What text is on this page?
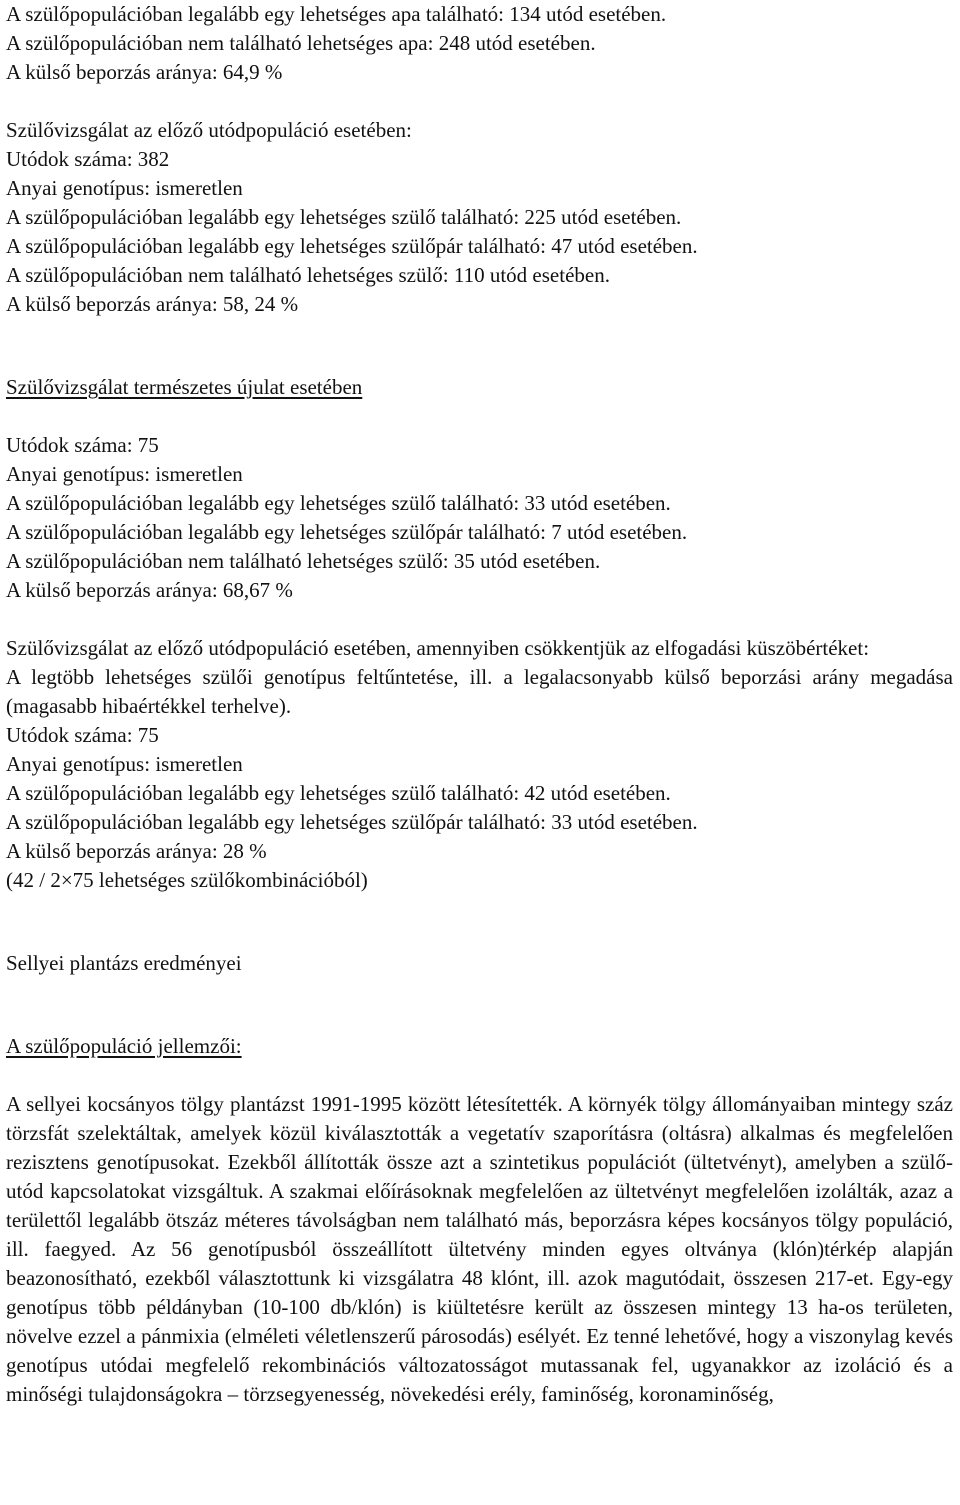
A szülőpopulációban legalább egy lehetséges apa található: 134 utód esetében.
A szülőpopulációban nem található lehetséges apa: 248 utód esetében.
A külső beporzás aránya: 64,9 %
Szülővizsgálat az előző utódpopuláció esetében:
Utódok száma: 382
Anyai genotípus: ismeretlen
A szülőpopulációban legalább egy lehetséges szülő található: 225 utód esetében.
A szülőpopulációban legalább egy lehetséges szülőpár található: 47 utód esetében.
A szülőpopulációban nem található lehetséges szülő: 110 utód esetében.
A külső beporzás aránya: 58, 24 %
Szülővizsgálat természetes újulat esetében
Utódok száma: 75
Anyai genotípus: ismeretlen
A szülőpopulációban legalább egy lehetséges szülő található: 33 utód esetében.
A szülőpopulációban legalább egy lehetséges szülőpár található: 7 utód esetében.
A szülőpopulációban nem található lehetséges szülő: 35 utód esetében.
A külső beporzás aránya: 68,67 %
Szülővizsgálat az előző utódpopuláció esetében, amennyiben csökkentjük az elfogadási küszöbértéket:
A legtöbb lehetséges szülői genotípus feltűntetése, ill. a legalacsonyabb külső beporzási arány megadása (magasabb hibaértékkel terhelve).
Utódok száma: 75
Anyai genotípus: ismeretlen
A szülőpopulációban legalább egy lehetséges szülő található: 42 utód esetében.
A szülőpopulációban legalább egy lehetséges szülőpár található: 33 utód esetében.
A külső beporzás aránya: 28 %
(42 / 2×75 lehetséges szülőkombinációból)
Sellyei plantázs eredményei
A szülőpopuláció jellemzői:
A sellyei kocsányos tölgy plantázst 1991-1995 között létesítették. A környék tölgy állományaiban mintegy száz törzsfát szelektáltak, amelyek közül kiválasztották a vegetatív szaporításra (oltásra) alkalmas és megfelelően rezisztens genotípusokat. Ezekből állították össze azt a szintetikus populációt (ültetvényt), amelyben a szülő-utód kapcsolatokat vizsgáltuk. A szakmai előírásoknak megfelelően az ültetvényt megfelelően izolálták, azaz a területtől legalább ötszáz méteres távolságban nem található más, beporzásra képes kocsányos tölgy populáció, ill. faegyed. Az 56 genotípusból összeállított ültetvény minden egyes oltványa (klón)térkép alapján beazonosítható, ezekből választottunk ki vizsgálatra 48 klónt, ill. azok magutódait, összesen 217-et. Egy-egy genotípus több példányban (10-100 db/klón) is kiültetésre került az összesen mintegy 13 ha-os területen, növelve ezzel a pánmixia (elméleti véletlenszerű párosodás) esélyét. Ez tenné lehetővé, hogy a viszonylag kevés genotípus utódai megfelelő rekombinációs változatosságot mutassanak fel, ugyanakkor az izoláció és a minőségi tulajdonságokra – törzsegyenesség, növekedési erély, faminőség, koronaminőség,
